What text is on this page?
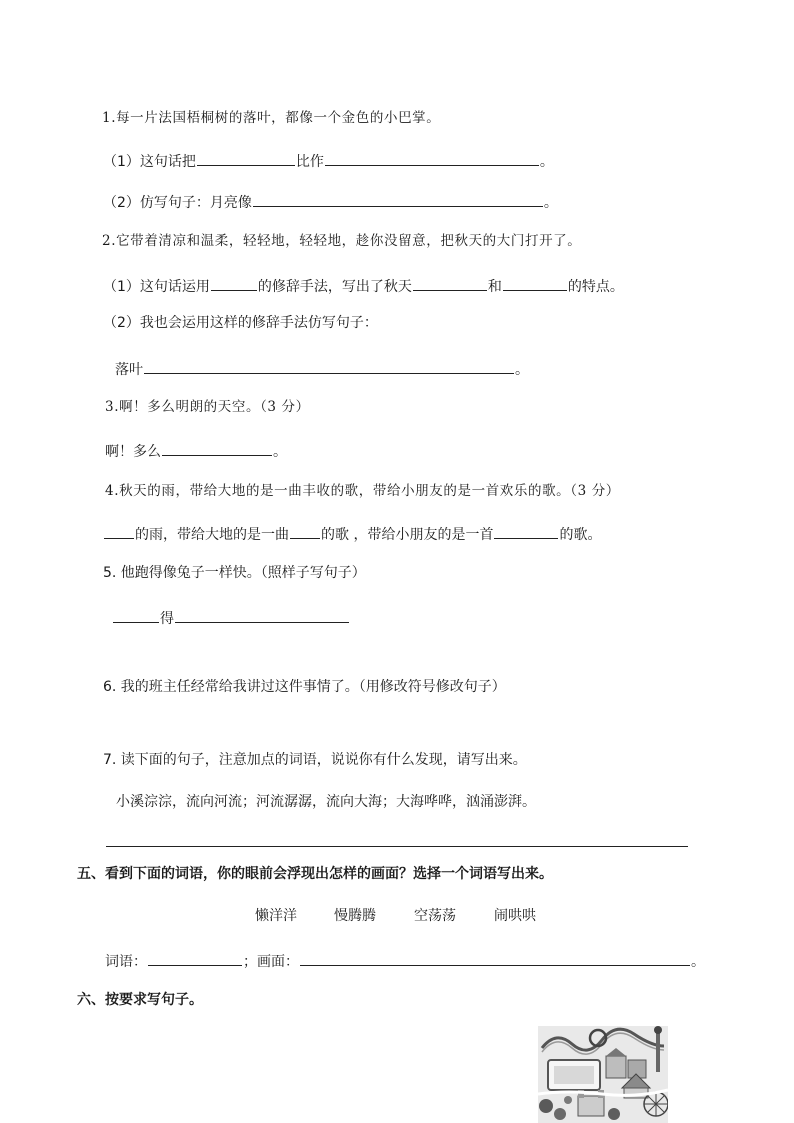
1.每一片法国梧桐树的落叶，都像一个金色的小巴掌。
（1）这句话把	比作	。
（2）仿写句子：月亮像	。
2.它带着清凉和温柔，轻轻地，轻轻地，趁你没留意，把秋天的大门打开了。
（1）这句话运用	的修辞手法，写出了秋天	和	的特点。
（2）我也会运用这样的修辞手法仿写句子：
落叶	。
3.啊！多么明朗的天空。（3 分）
啊！多么	。
4.秋天的雨，带给大地的是一曲丰收的歌，带给小朋友的是一首欢乐的歌。（3 分）
的雨，带给大地的是一曲 的歌 ，带给小朋友的是一首	的歌。
5. 他跑得像兔子一样快。（照样子写句子）
得
6. 我的班主任经常给我讲过这件事情了。（用修改符号修改句子）
7. 读下面的句子，注意加点的词语，说说你有什么发现，请写出来。
小溪淙淙，流向河流；河流潺潺，流向大海；大海哗哗，汹涌澎湃。
五、看到下面的词语，你的眼前会浮现出怎样的画面？选择一个词语写出来。
懒洋洋	慢腾腾	空荡荡	闹哄哄
词语：	；画面：	。
六、按要求写句子。
